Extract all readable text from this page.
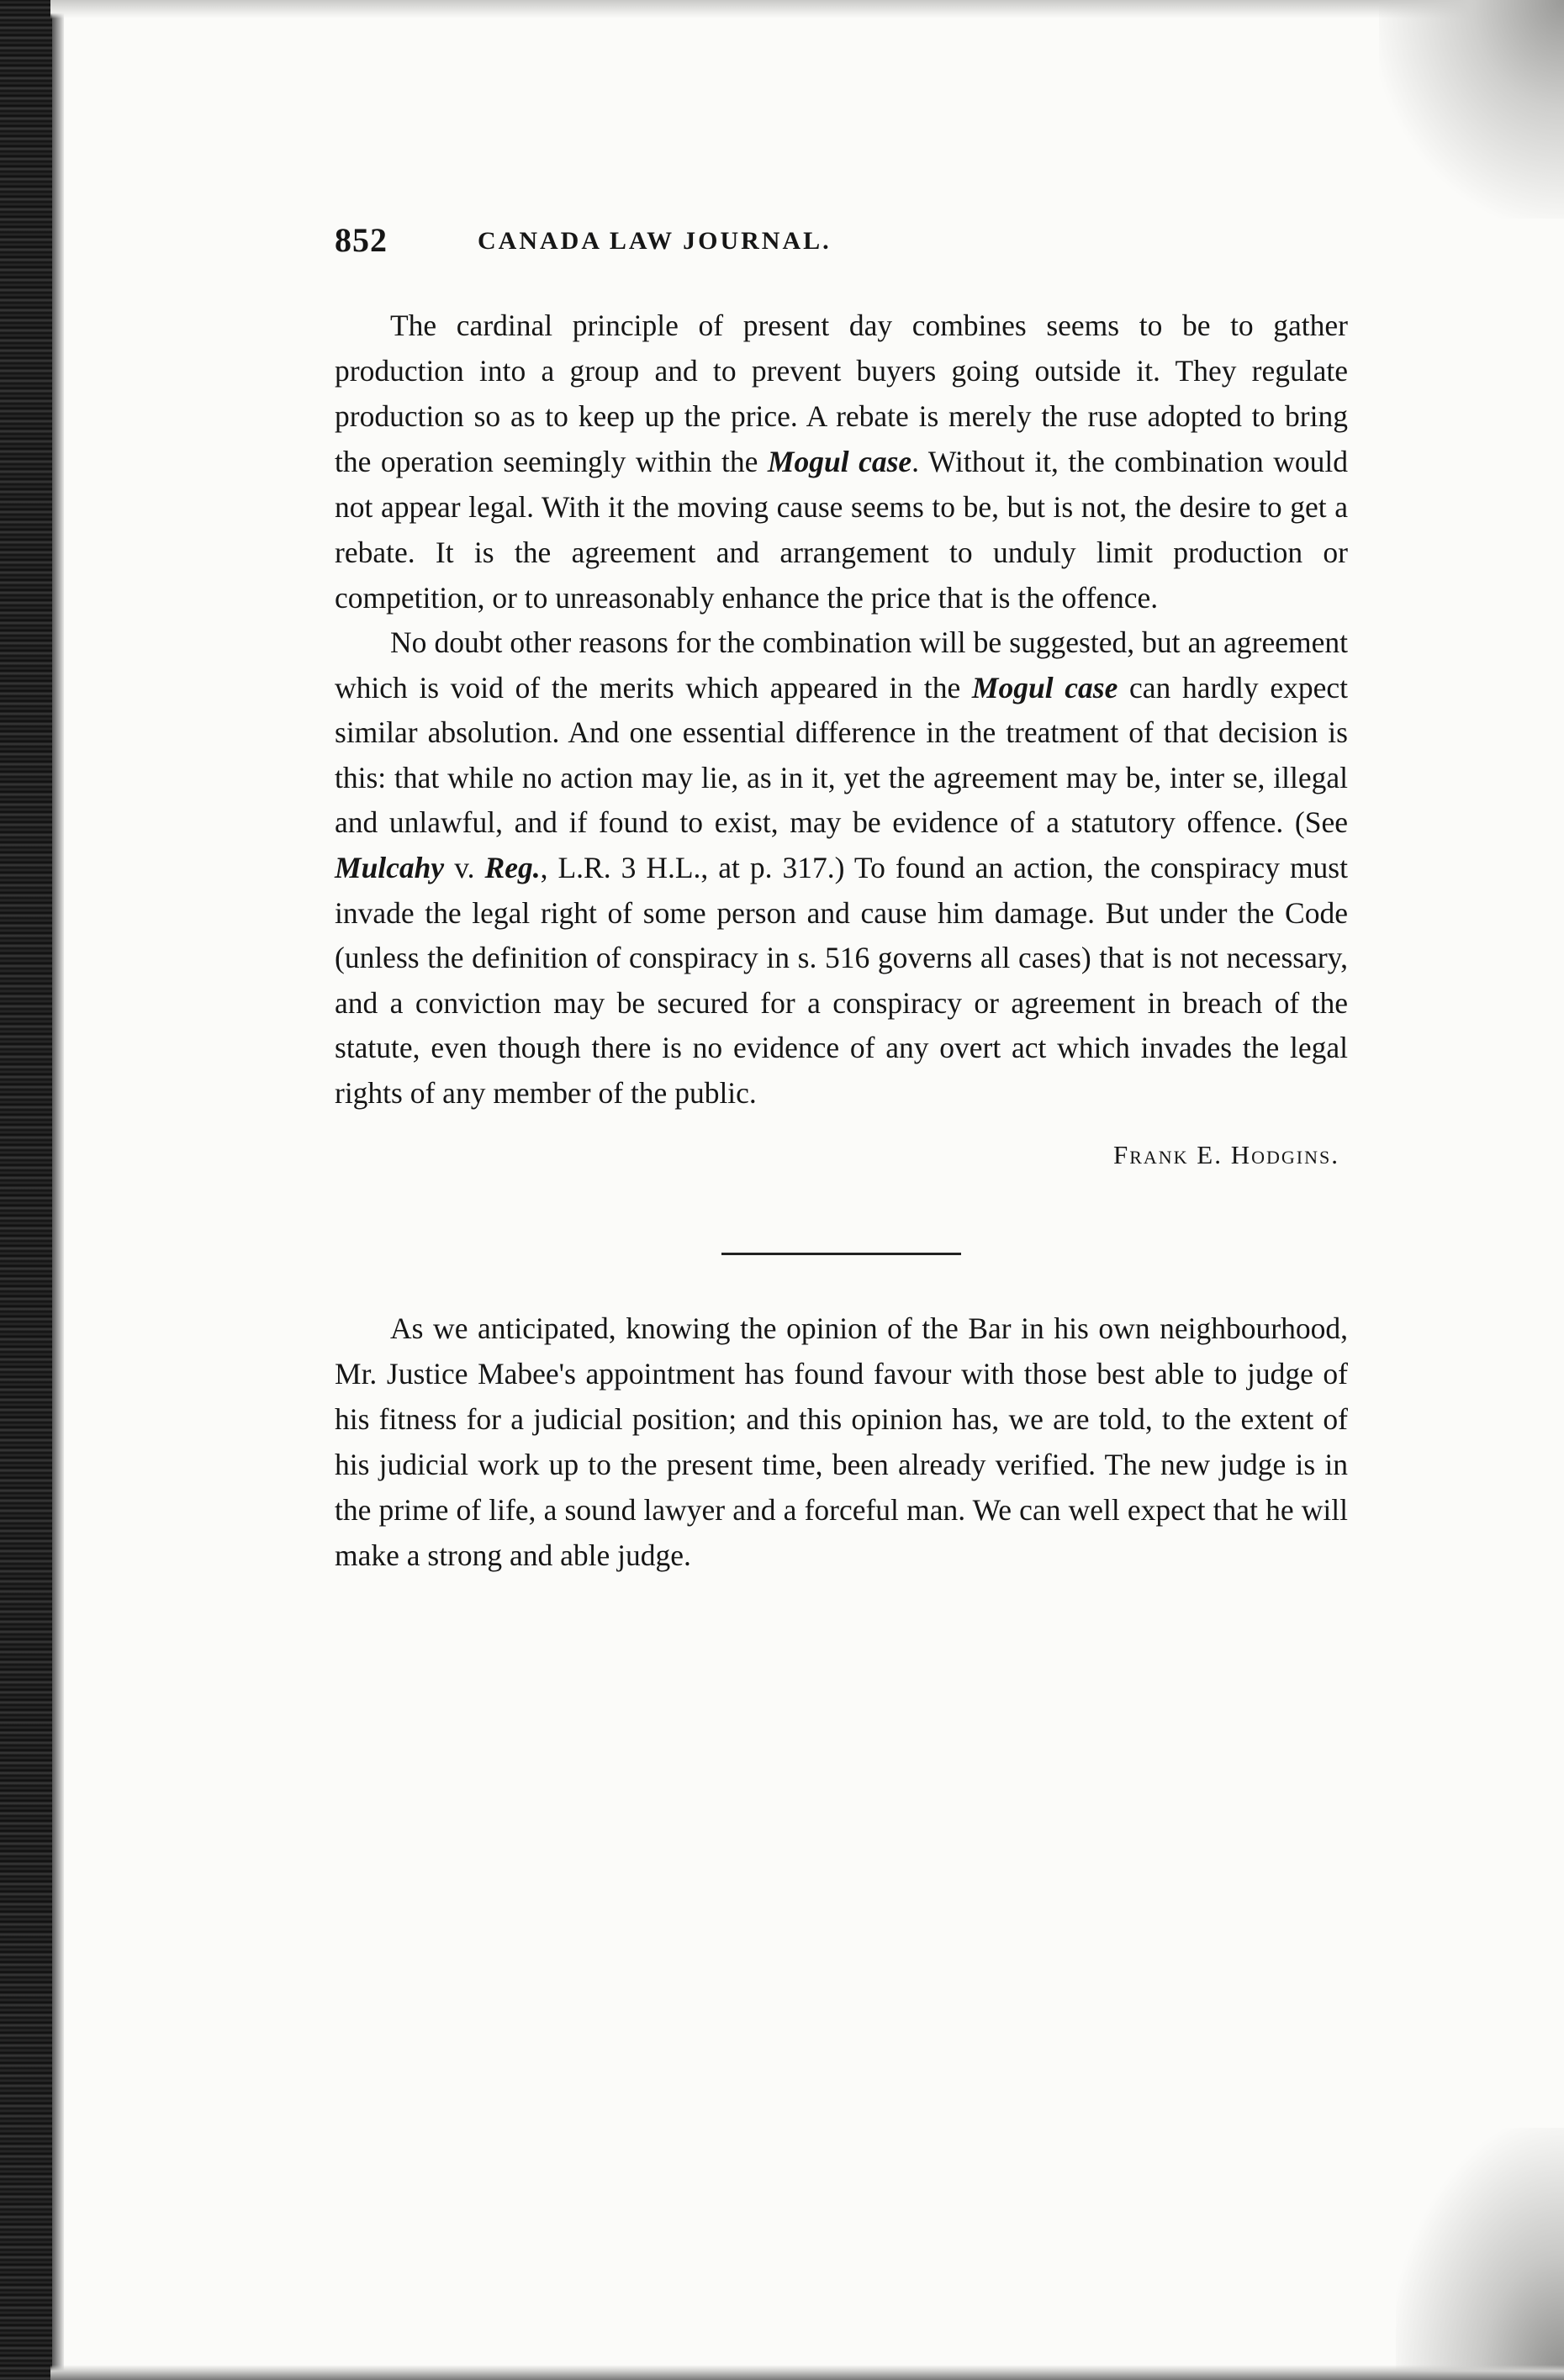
852	CANADA LAW JOURNAL.

The cardinal principle of present day combines seems to be to gather production into a group and to prevent buyers going outside it. They regulate production so as to keep up the price. A rebate is merely the ruse adopted to bring the operation seemingly within the Mogul case. Without it, the combination would not appear legal. With it the moving cause seems to be, but is not, the desire to get a rebate. It is the agreement and arrangement to unduly limit production or competition, or to unreasonably enhance the price that is the offence.

No doubt other reasons for the combination will be suggested, but an agreement which is void of the merits which appeared in the Mogul case can hardly expect similar absolution. And one essential difference in the treatment of that decision is this: that while no action may lie, as in it, yet the agreement may be, inter se, illegal and unlawful, and if found to exist, may be evidence of a statutory offence. (See Mulcahy v. Reg., L.R. 3 H.L., at p. 317.) To found an action, the conspiracy must invade the legal right of some person and cause him damage. But under the Code (unless the definition of conspiracy in s. 516 governs all cases) that is not necessary, and a conviction may be secured for a conspiracy or agreement in breach of the statute, even though there is no evidence of any overt act which invades the legal rights of any member of the public.

Frank E. Hodgins.

As we anticipated, knowing the opinion of the Bar in his own neighbourhood, Mr. Justice Mabee's appointment has found favour with those best able to judge of his fitness for a judicial position; and this opinion has, we are told, to the extent of his judicial work up to the present time, been already verified. The new judge is in the prime of life, a sound lawyer and a forceful man. We can well expect that he will make a strong and able judge.
